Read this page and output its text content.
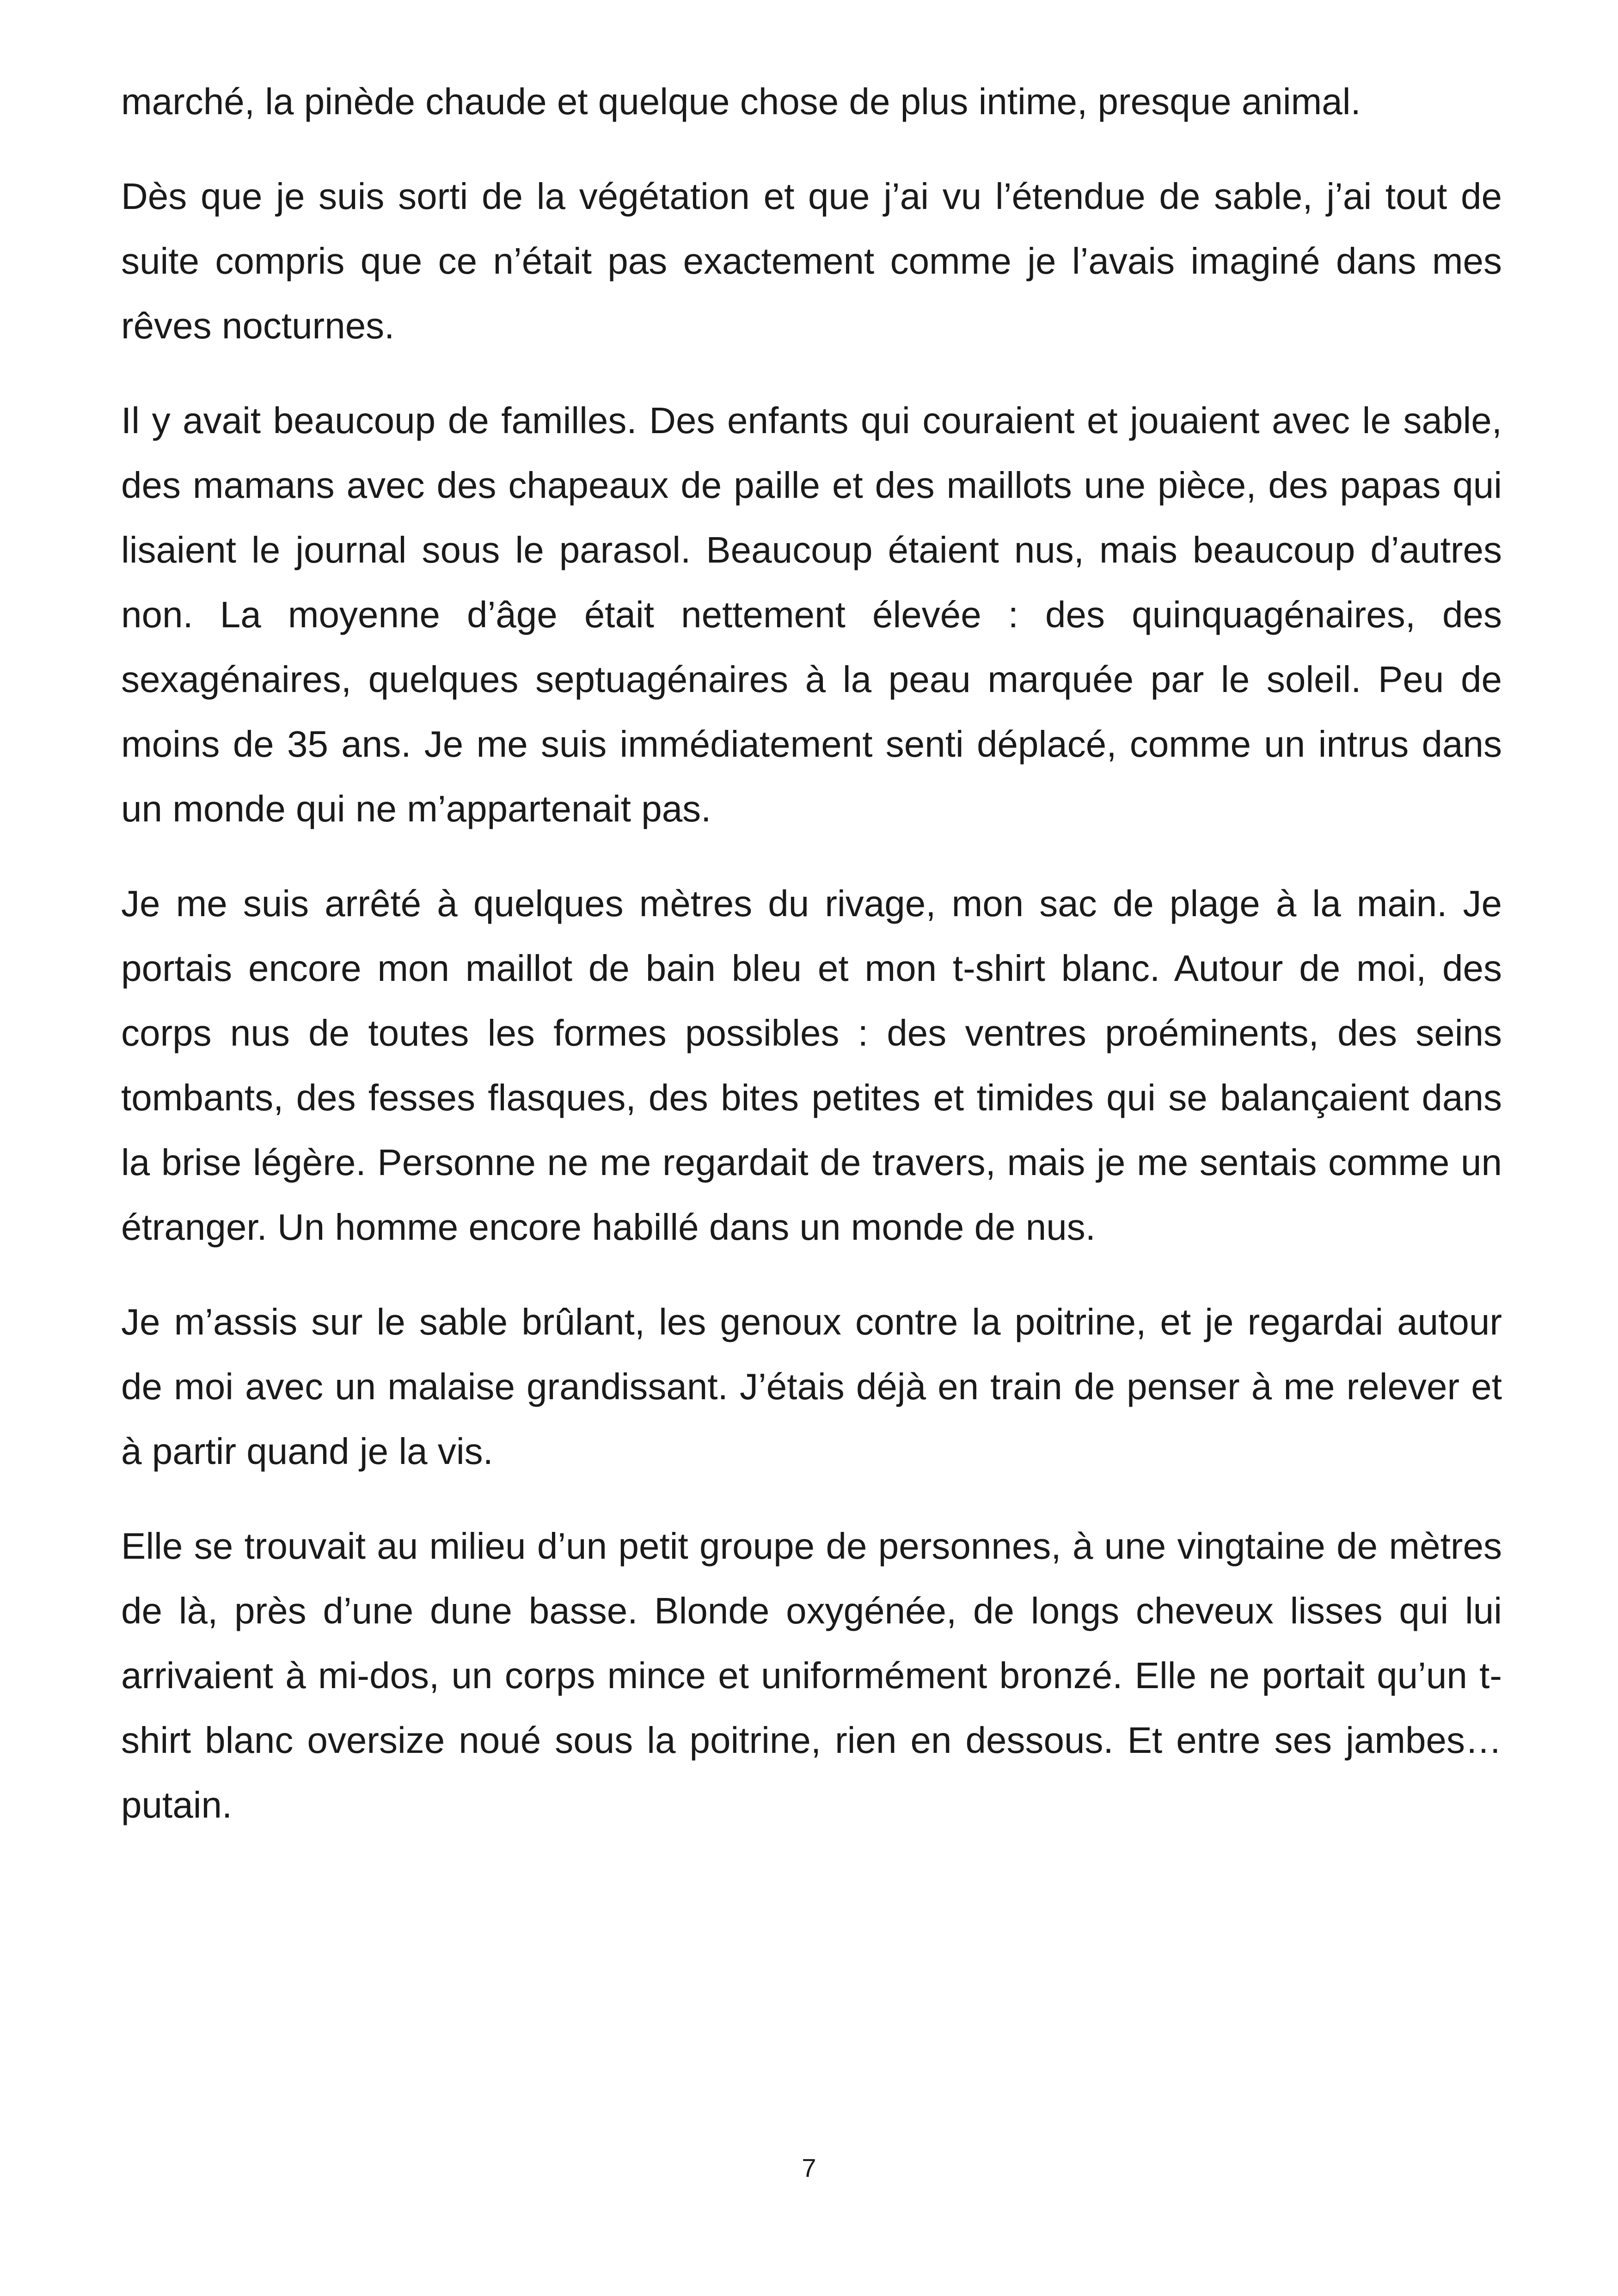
marché, la pinède chaude et quelque chose de plus intime, presque animal.

Dès que je suis sorti de la végétation et que j’ai vu l’étendue de sable, j’ai tout de suite compris que ce n’était pas exactement comme je l’avais imaginé dans mes rêves nocturnes.

Il y avait beaucoup de familles. Des enfants qui couraient et jouaient avec le sable, des mamans avec des chapeaux de paille et des maillots une pièce, des papas qui lisaient le journal sous le parasol. Beaucoup étaient nus, mais beaucoup d’autres non. La moyenne d’âge était nettement élevée : des quinquagénaires, des sexagénaires, quelques septuagénaires à la peau marquée par le soleil. Peu de moins de 35 ans. Je me suis immédiatement senti déplacé, comme un intrus dans un monde qui ne m’appartenait pas.

Je me suis arrêté à quelques mètres du rivage, mon sac de plage à la main. Je portais encore mon maillot de bain bleu et mon t-shirt blanc. Autour de moi, des corps nus de toutes les formes possibles : des ventres proéminents, des seins tombants, des fesses flasques, des bites petites et timides qui se balançaient dans la brise légère. Personne ne me regardait de travers, mais je me sentais comme un étranger. Un homme encore habillé dans un monde de nus.

Je m’assis sur le sable brûlant, les genoux contre la poitrine, et je regardai autour de moi avec un malaise grandissant. J’étais déjà en train de penser à me relever et à partir quand je la vis.

Elle se trouvait au milieu d’un petit groupe de personnes, à une vingtaine de mètres de là, près d’une dune basse. Blonde oxygénée, de longs cheveux lisses qui lui arrivaient à mi-dos, un corps mince et uniformément bronzé. Elle ne portait qu’un t-shirt blanc oversize noué sous la poitrine, rien en dessous. Et entre ses jambes… putain.

7
